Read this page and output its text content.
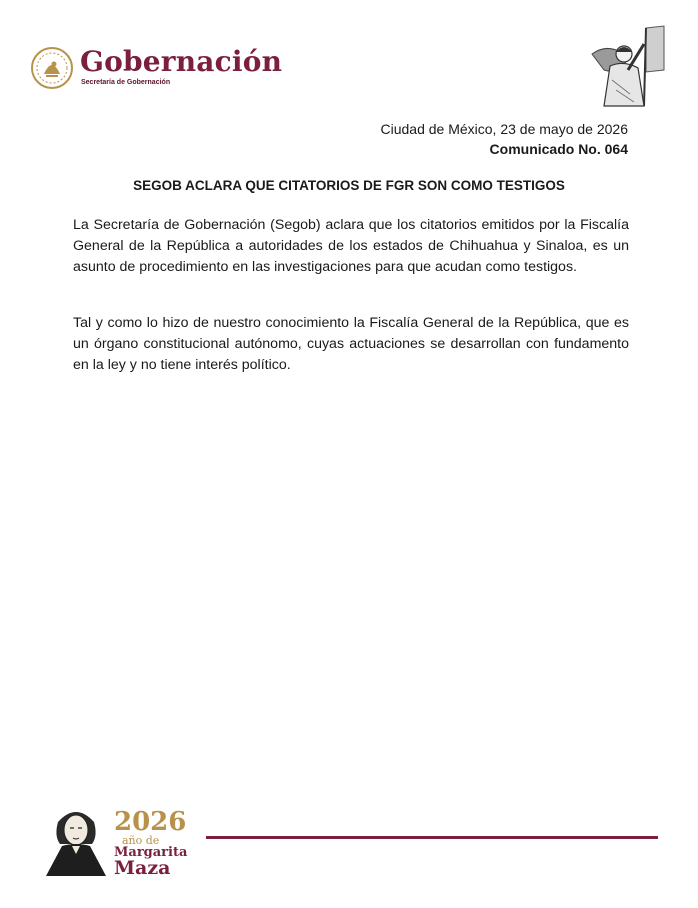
Gobernación
Secretaría de Gobernación
Ciudad de México, 23 de mayo de 2026
Comunicado No. 064
SEGOB ACLARA QUE CITATORIOS DE FGR SON COMO TESTIGOS

La Secretaría de Gobernación (Segob) aclara que los citatorios emitidos por la Fiscalía General de la República a autoridades de los estados de Chihuahua y Sinaloa, es un asunto de procedimiento en las investigaciones para que acudan como testigos.

Tal y como lo hizo de nuestro conocimiento la Fiscalía General de la República, que es un órgano constitucional autónomo, cuyas actuaciones se desarrollan con fundamento en la ley y no tiene interés político.

2026
año de
Margarita
Maza
